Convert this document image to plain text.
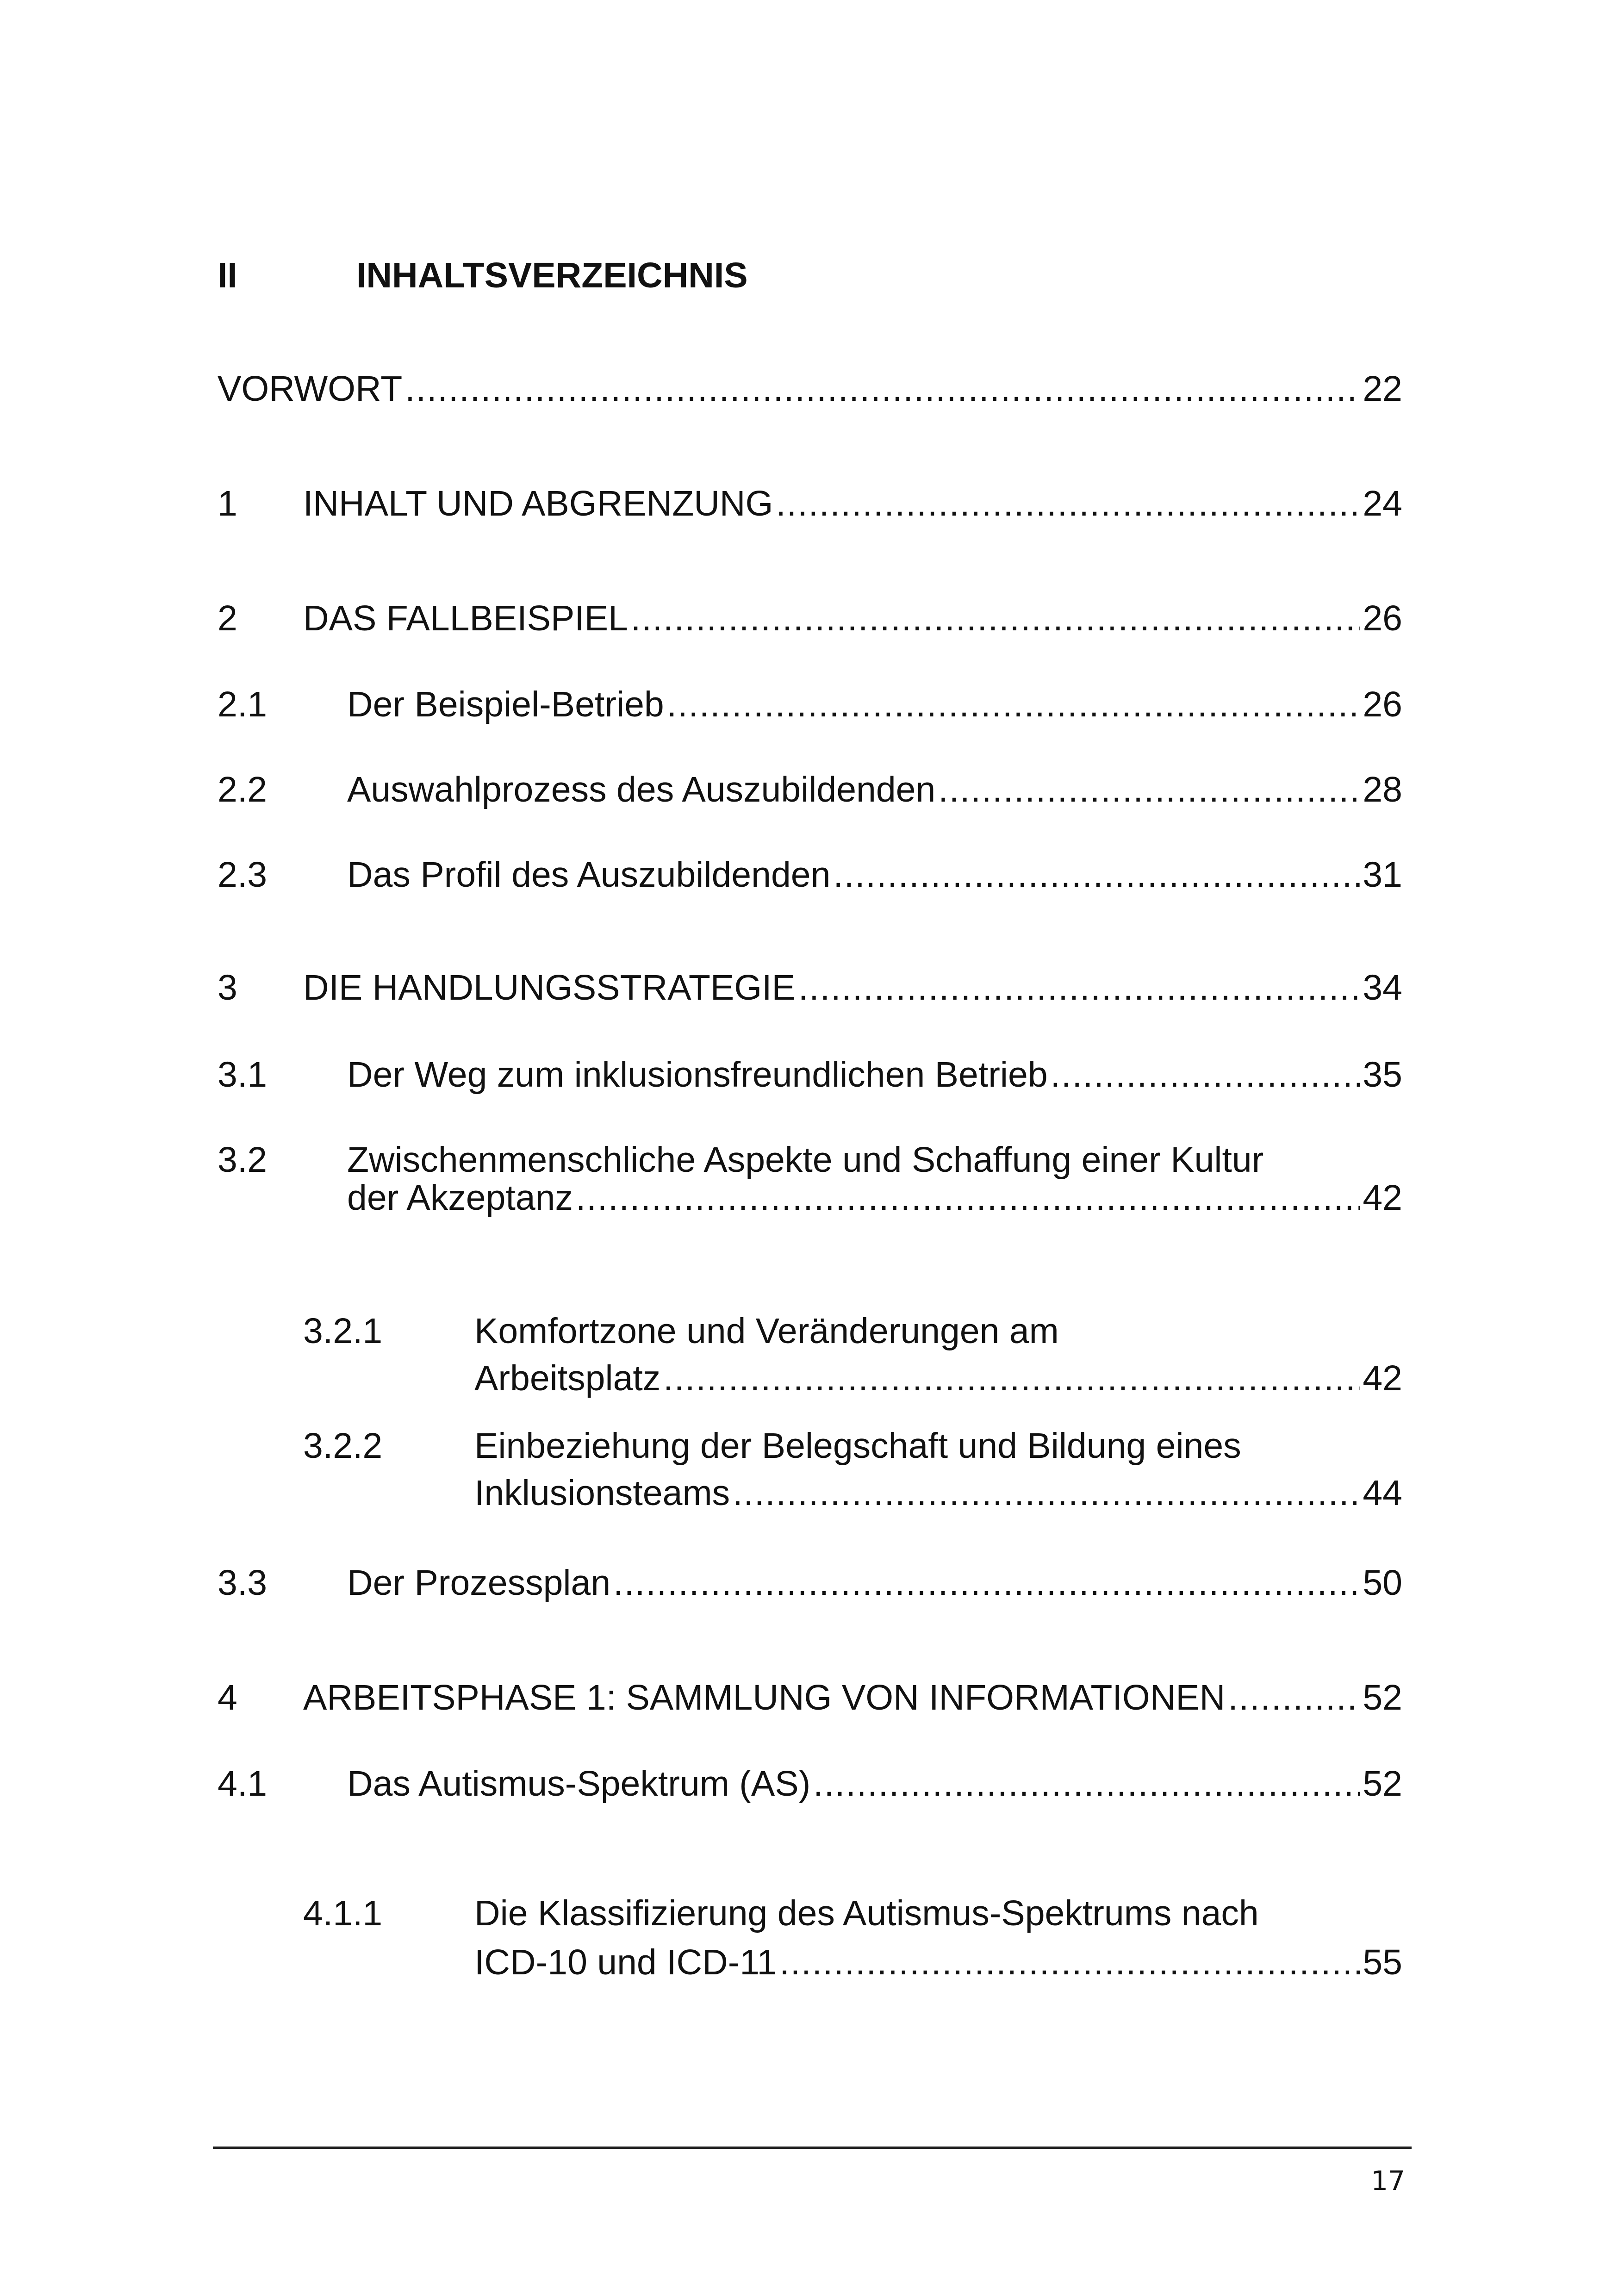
II	INHALTSVERZEICHNIS
VORWORT .....	22
1 INHALT UND ABGRENZUNG .....	24
2 DAS FALLBEISPIEL .....	26
2.1 Der Beispiel-Betrieb .....	26
2.2 Auswahlprozess des Auszubildenden .....	28
2.3 Das Profil des Auszubildenden .....	31
3 DIE HANDLUNGSSTRATEGIE .....	34
3.1 Der Weg zum inklusionsfreundlichen Betrieb .....	35
3.2 Zwischenmenschliche Aspekte und Schaffung einer Kultur
der Akzeptanz .....	42
3.2.1	Komfortzone und Veränderungen am
Arbeitsplatz .....	42
3.2.2	Einbeziehung der Belegschaft und Bildung eines
Inklusionsteams .....	44
3.3 Der Prozessplan .....	50
4 ARBEITSPHASE 1: SAMMLUNG VON INFORMATIONEN .....	52
4.1 Das Autismus-Spektrum (AS) .....	52
4.1.1	Die Klassifizierung des Autismus-Spektrums nach
ICD-10 und ICD-11 .....	55
17
